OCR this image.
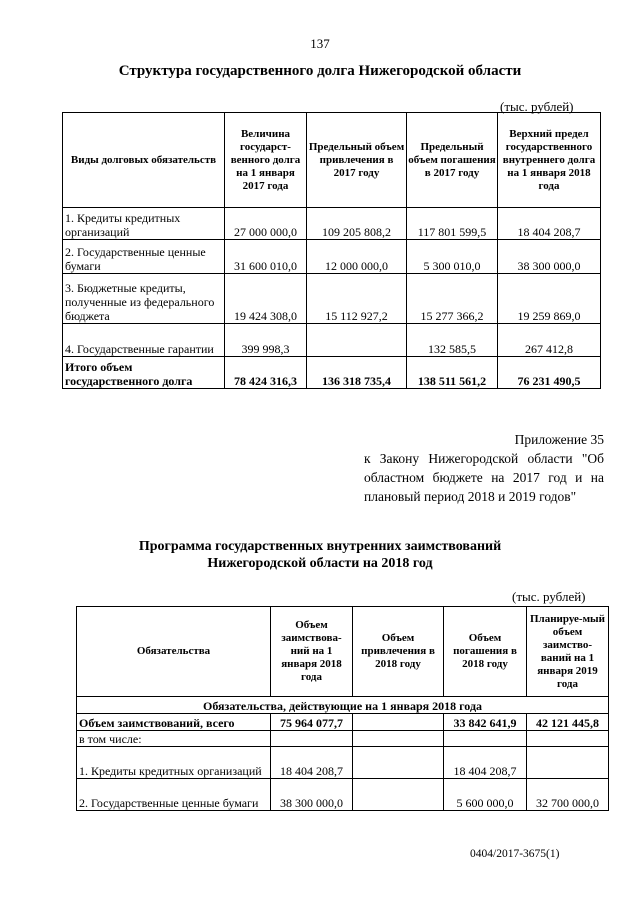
137
Структура государственного долга Нижегородской области
(тыс. рублей)
Виды долговых обязательств	Величина государст-венного долга на 1 января 2017 года	Предельный объем привлечения в 2017 году	Предельный объем погашения в 2017 году	Верхний предел государственного внутреннего долга на 1 января 2018 года
1. Кредиты кредитных организаций	27 000 000,0	109 205 808,2	117 801 599,5	18 404 208,7
2. Государственные ценные бумаги	31 600 010,0	12 000 000,0	5 300 010,0	38 300 000,0
3. Бюджетные кредиты, полученные из федерального бюджета	19 424 308,0	15 112 927,2	15 277 366,2	19 259 869,0
4. Государственные гарантии	399 998,3		132 585,5	267 412,8
Итого объем государственного долга	78 424 316,3	136 318 735,4	138 511 561,2	76 231 490,5
Приложение 35
к Закону Нижегородской области "Об областном бюджете на 2017 год и на плановый период 2018 и 2019 годов"
Программа государственных внутренних заимствований
Нижегородской области на 2018 год
(тыс. рублей)
Обязательства	Объем заимствова-ний на 1 января 2018 года	Объем привлечения в 2018 году	Объем погашения в 2018 году	Планируе-мый объем заимство-ваний на 1 января 2019 года
Обязательства, действующие на 1 января 2018 года				
Объем заимствований, всего	75 964 077,7		33 842 641,9	42 121 445,8
в том числе:				
1. Кредиты кредитных организаций	18 404 208,7		18 404 208,7	
2. Государственные ценные бумаги	38 300 000,0		5 600 000,0	32 700 000,0
0404/2017-3675(1)
